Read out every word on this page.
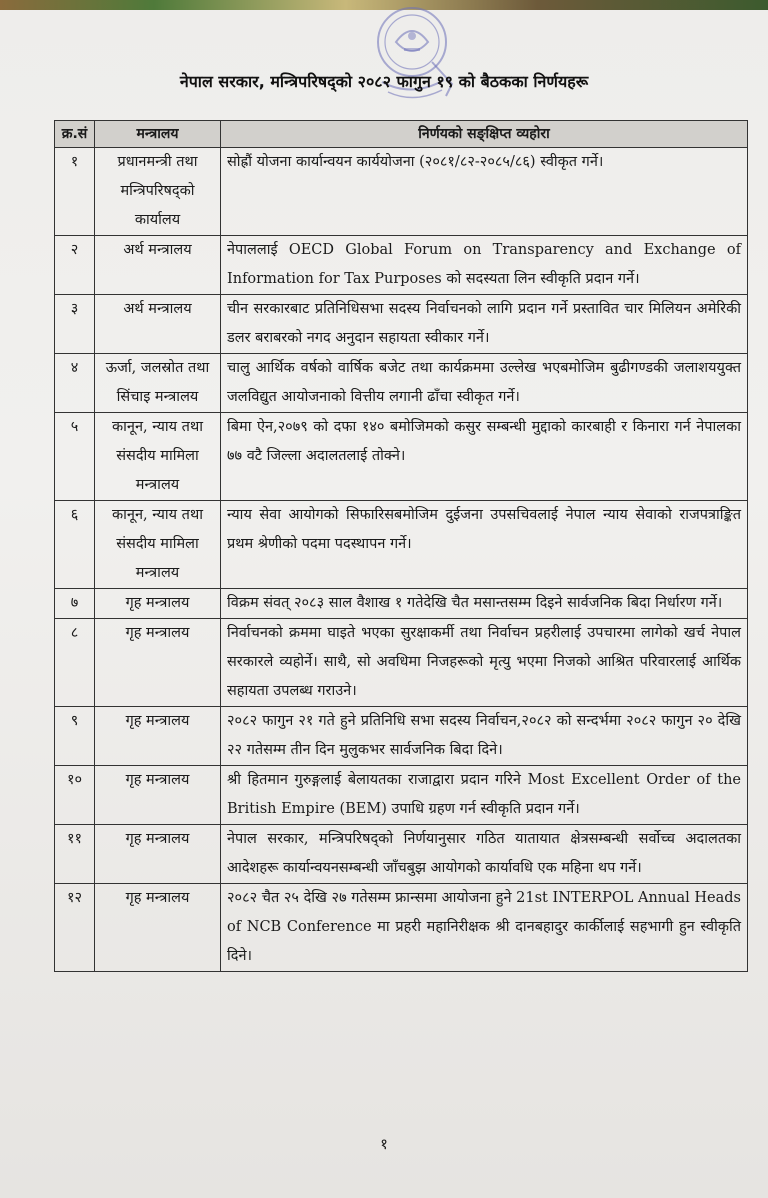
नेपाल सरकार, मन्त्रिपरिषद्को २०८२ फागुन १९ को बैठकका निर्णयहरू
क्र.सं	मन्त्रालय	निर्णयको सङ्क्षिप्त व्यहोरा
१	प्रधानमन्त्री तथा मन्त्रिपरिषद्को कार्यालय	सोह्रौं योजना कार्यान्वयन कार्ययोजना (२०८१/८२-२०८५/८६) स्वीकृत गर्ने।
२	अर्थ मन्त्रालय	नेपाललाई OECD Global Forum on Transparency and Exchange of Information for Tax Purposes को सदस्यता लिन स्वीकृति प्रदान गर्ने।
३	अर्थ मन्त्रालय	चीन सरकारबाट प्रतिनिधिसभा सदस्य निर्वाचनको लागि प्रदान गर्ने प्रस्तावित चार मिलियन अमेरिकी डलर बराबरको नगद अनुदान सहायता स्वीकार गर्ने।
४	ऊर्जा, जलस्रोत तथा सिंचाइ मन्त्रालय	चालु आर्थिक वर्षको वार्षिक बजेट तथा कार्यक्रममा उल्लेख भएबमोजिम बुढीगण्डकी जलाशययुक्त जलविद्युत आयोजनाको वित्तीय लगानी ढाँचा स्वीकृत गर्ने।
५	कानून, न्याय तथा संसदीय मामिला मन्त्रालय	बिमा ऐन,२०७९ को दफा १४० बमोजिमको कसुर सम्बन्धी मुद्दाको कारबाही र किनारा गर्न नेपालका ७७ वटै जिल्ला अदालतलाई तोक्ने।
६	कानून, न्याय तथा संसदीय मामिला मन्त्रालय	न्याय सेवा आयोगको सिफारिसबमोजिम दुईजना उपसचिवलाई नेपाल न्याय सेवाको राजपत्राङ्कित प्रथम श्रेणीको पदमा पदस्थापन गर्ने।
७	गृह मन्त्रालय	विक्रम संवत् २०८३ साल वैशाख १ गतेदेखि चैत मसान्तसम्म दिइने सार्वजनिक बिदा निर्धारण गर्ने।
८	गृह मन्त्रालय	निर्वाचनको क्रममा घाइते भएका सुरक्षाकर्मी तथा निर्वाचन प्रहरीलाई उपचारमा लागेको खर्च नेपाल सरकारले व्यहोर्ने। साथै, सो अवधिमा निजहरूको मृत्यु भएमा निजको आश्रित परिवारलाई आर्थिक सहायता उपलब्ध गराउने।
९	गृह मन्त्रालय	२०८२ फागुन २१ गते हुने प्रतिनिधि सभा सदस्य निर्वाचन,२०८२ को सन्दर्भमा २०८२ फागुन २० देखि २२ गतेसम्म तीन दिन मुलुकभर सार्वजनिक बिदा दिने।
१०	गृह मन्त्रालय	श्री हितमान गुरुङ्गलाई बेलायतका राजाद्वारा प्रदान गरिने Most Excellent Order of the British Empire (BEM) उपाधि ग्रहण गर्न स्वीकृति प्रदान गर्ने।
११	गृह मन्त्रालय	नेपाल सरकार, मन्त्रिपरिषद्को निर्णयानुसार गठित यातायात क्षेत्रसम्बन्धी सर्वोच्च अदालतका आदेशहरू कार्यान्वयनसम्बन्धी जाँचबुझ आयोगको कार्यावधि एक महिना थप गर्ने।
१२	गृह मन्त्रालय	२०८२ चैत २५ देखि २७ गतेसम्म फ्रान्समा आयोजना हुने 21st INTERPOL Annual Heads of NCB Conference मा प्रहरी महानिरीक्षक श्री दानबहादुर कार्कीलाई सहभागी हुन स्वीकृति दिने।
१
